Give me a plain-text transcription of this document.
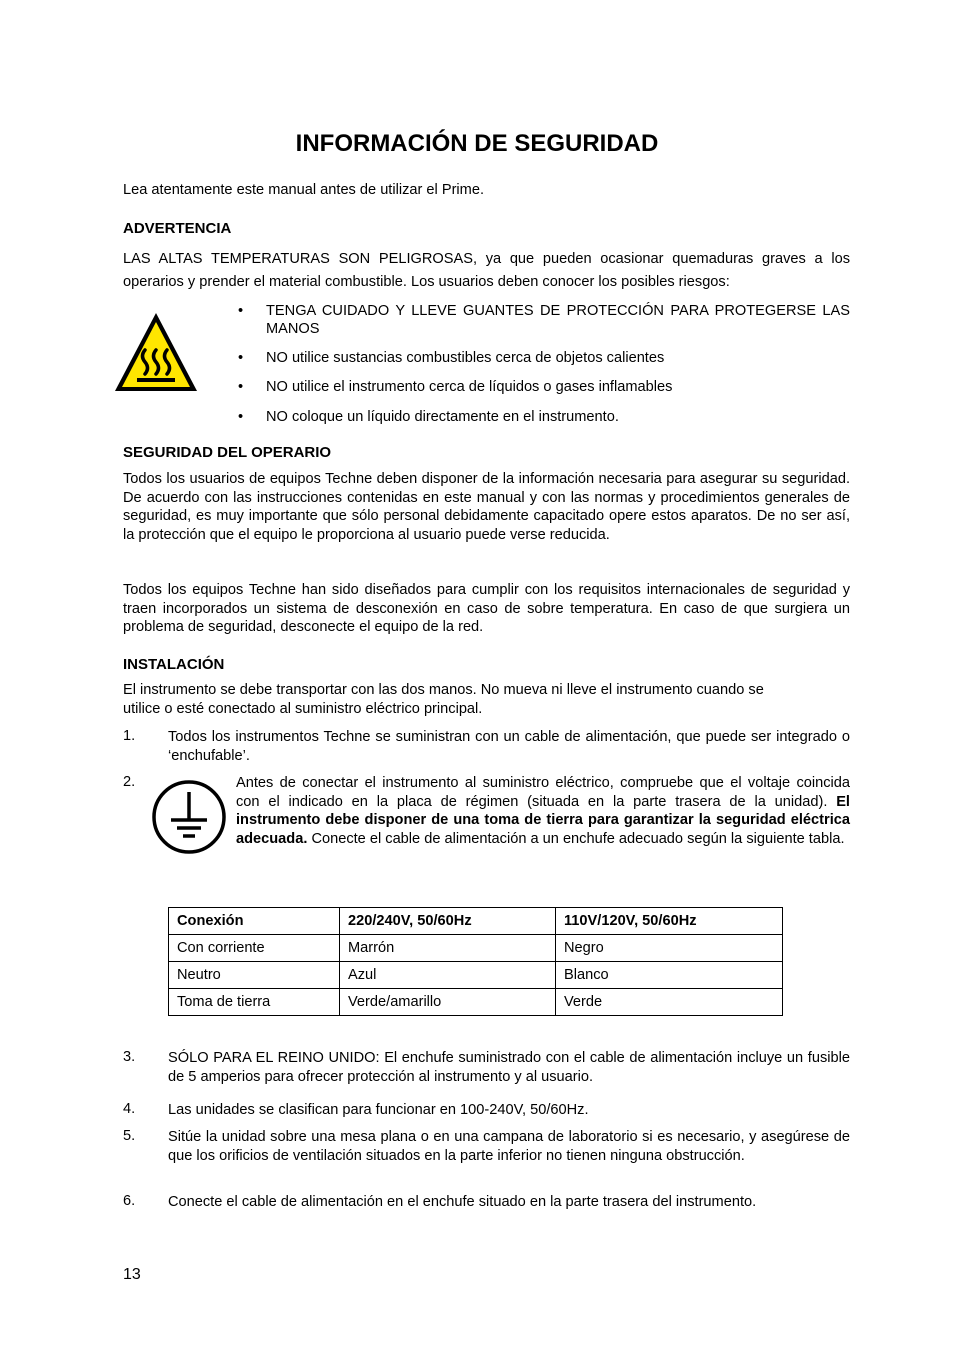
INFORMACIÓN DE SEGURIDAD
Lea atentamente este manual antes de utilizar el Prime.
ADVERTENCIA
LAS ALTAS TEMPERATURAS SON PELIGROSAS, ya que pueden ocasionar quemaduras graves a los operarios y prender el material combustible. Los usuarios deben conocer los posibles riesgos:
• TENGA CUIDADO Y LLEVE GUANTES DE PROTECCIÓN PARA PROTEGERSE LAS MANOS
• NO utilice sustancias combustibles cerca de objetos calientes
• NO utilice el instrumento cerca de líquidos o gases inflamables
• NO coloque un líquido directamente en el instrumento.
SEGURIDAD DEL OPERARIO
Todos los usuarios de equipos Techne deben disponer de la información necesaria para asegurar su seguridad. De acuerdo con las instrucciones contenidas en este manual y con las normas y procedimientos generales de seguridad, es muy importante que sólo personal debidamente capacitado opere estos aparatos. De no ser así, la protección que el equipo le proporciona al usuario puede verse reducida.
Todos los equipos Techne han sido diseñados para cumplir con los requisitos internacionales de seguridad y traen incorporados un sistema de desconexión en caso de sobre temperatura. En caso de que surgiera un problema de seguridad, desconecte el equipo de la red.
INSTALACIÓN
El instrumento se debe transportar con las dos manos. No mueva ni lleve el instrumento cuando se
utilice o esté conectado al suministro eléctrico principal.
1. Todos los instrumentos Techne se suministran con un cable de alimentación, que puede ser integrado o ‘enchufable’.
2.	Antes de conectar el instrumento al suministro eléctrico, compruebe que el voltaje coincida con el indicado en la placa de régimen (situada en la parte trasera de la unidad). El instrumento debe disponer de una toma de tierra para garantizar la seguridad eléctrica adecuada. Conecte el cable de alimentación a un enchufe adecuado según la siguiente tabla.
Conexión	220/240V, 50/60Hz	110V/120V, 50/60Hz
Con corriente	Marrón	Negro
Neutro	Azul	Blanco
Toma de tierra	Verde/amarillo	Verde
3. SÓLO PARA EL REINO UNIDO: El enchufe suministrado con el cable de alimentación incluye un fusible de 5 amperios para ofrecer protección al instrumento y al usuario.
4. Las unidades se clasifican para funcionar en 100-240V, 50/60Hz.
5. Sitúe la unidad sobre una mesa plana o en una campana de laboratorio si es necesario, y asegúrese de que los orificios de ventilación situados en la parte inferior no tienen ninguna obstrucción.
6. Conecte el cable de alimentación en el enchufe situado en la parte trasera del instrumento.
13
